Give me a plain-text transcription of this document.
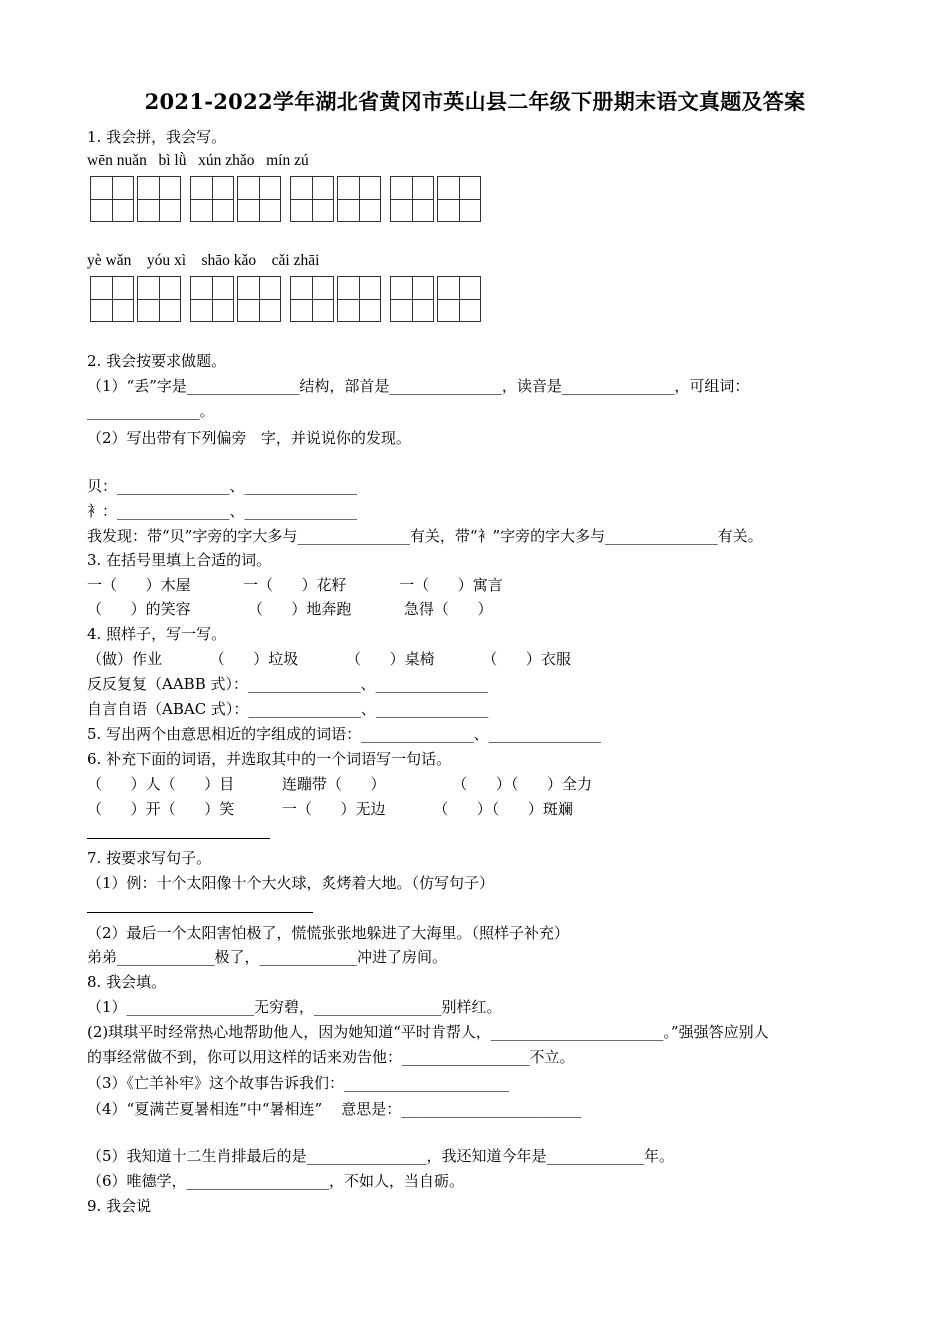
2021-2022学年湖北省黄冈市英山县二年级下册期末语文真题及答案
1. 我会拼，我会写。
wēn nuǎn   bì lǜ   xún zhǎo   mín zú
yè wǎn    yóu xì    shāo kǎo    cǎi zhāi
2. 我会按要求做题。
（1）“丢”字是_______________结构，部首是_______________，读音是_______________，可组词：
_______________。
（2）写出带有下列偏旁   字，并说说你的发现。
贝：_______________、_______________
衤：_______________、_______________
我发现：带“贝”字旁的字大多与_______________有关，带“衤”字旁的字大多与_______________有关。
3. 在括号里填上合适的词。
一（      ）木屋           一（      ）花籽           一（      ）寓言
（      ）的笑容            （      ）地奔跑           急得（      ）
4. 照样子，写一写。
（做）作业          （      ）垃圾          （      ）桌椅          （      ）衣服
反反复复（AABB 式）：_______________、_______________
自言自语（ABAC 式）：_______________、_______________
5. 写出两个由意思相近的字组成的词语：_______________、_______________
6. 补充下面的词语，并选取其中的一个词语写一句话。
（      ）人（      ）目          连蹦带（      ）              （      ）（      ）全力
（      ）开（      ）笑          一（      ）无边          （      ）（      ）斑斓
7. 按要求写句子。
（1）例：十个太阳像十个大火球，炙烤着大地。（仿写句子）
（2）最后一个太阳害怕极了，慌慌张张地躲进了大海里。（照样子补充）
弟弟_____________极了，_____________冲进了房间。
8. 我会填。
（1）_________________无穷碧，_________________别样红。
(2)琪琪平时经常热心地帮助他人，因为她知道“平时肯帮人，_______________________。”强强答应别人
的事经常做不到，你可以用这样的话来劝告他：_________________不立。
（3）《亡羊补牢》这个故事告诉我们：______________________
（4）“夏满芒夏暑相连”中“暑相连”    意思是：________________________
（5）我知道十二生肖排最后的是________________，我还知道今年是_____________年。
（6）唯德学，___________________，不如人，当自砺。
9. 我会说
